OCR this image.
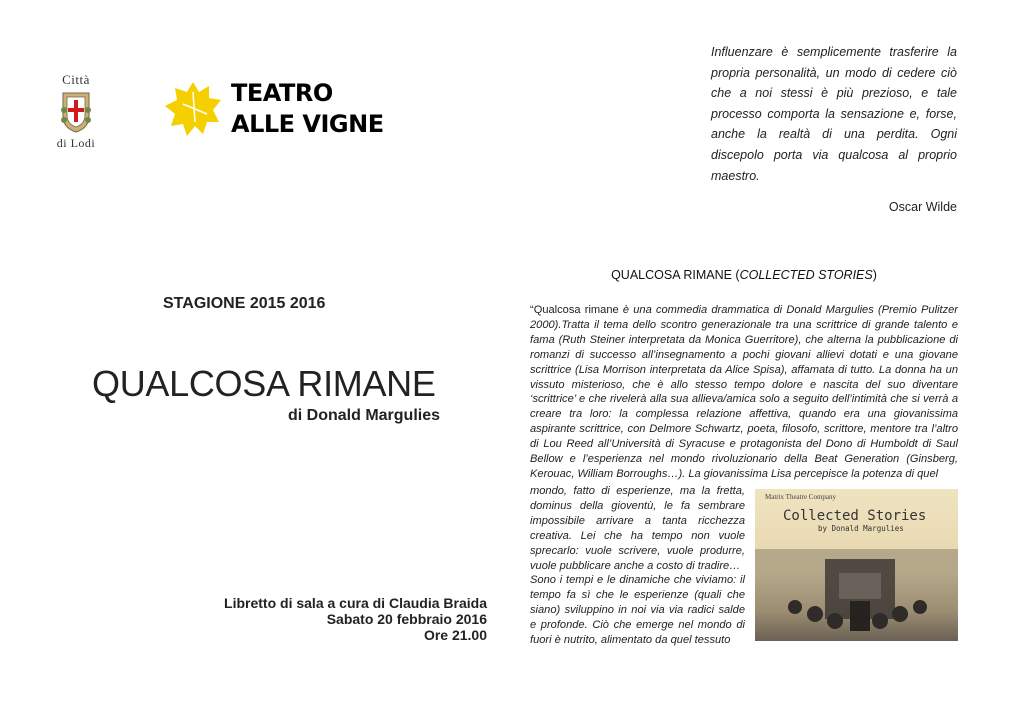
Città
di Lodi
TEATRO
ALLE VIGNE
STAGIONE 2015 2016
QUALCOSA RIMANE
di Donald Margulies
Libretto di sala a cura di Claudia Braida
Sabato 20 febbraio 2016
Ore 21.00
Influenzare è semplicemente trasferire la propria personalità, un modo di cedere ciò che a noi stessi è più prezioso, e tale processo comporta la sensazione e, forse, anche la realtà di una perdita. Ogni discepolo porta via qualcosa al proprio maestro.
Oscar Wilde
QUALCOSA RIMANE (COLLECTED STORIES)

“Qualcosa rimane è una commedia drammatica di Donald Margulies (Premio Pulitzer 2000).Tratta il tema dello scontro generazionale tra una scrittrice di grande talento e fama (Ruth Steiner interpretata da Monica Guerritore), che alterna la pubblicazione di romanzi di successo all’insegnamento a pochi giovani allievi dotati e una giovane scrittrice (Lisa Morrison interpretata da Alice Spisa), affamata di tutto. La donna ha un vissuto misterioso, che è allo stesso tempo dolore e nascita del suo diventare ‘scrittrice’ e che rivelerà alla sua allieva/amica solo a seguito dell’intimità che si verrà a creare tra loro: la complessa relazione affettiva, quando era una giovanissima aspirante scrittrice, con Delmore Schwartz, poeta, filosofo, scrittore, mentore tra l’altro di Lou Reed all’Università di Syracuse e protagonista del Dono di Humboldt di Saul Bellow e l’esperienza nel mondo rivoluzionario della Beat Generation (Ginsberg, Kerouac, William Borroughs…). La giovanissima Lisa percepisce la potenza di quel

mondo, fatto di esperienze, ma la fretta, dominus della gioventù, le fa sembrare impossibile arrivare a tanta ricchezza creativa. Lei che ha tempo non vuole sprecarlo: vuole scrivere, vuole produrre, vuole pubblicare anche a costo di tradire…

Sono i tempi e le dinamiche che viviamo: il tempo fa sì che le esperienze (quali che siano) sviluppino in noi via via radici salde e profonde. Ciò che emerge nel mondo di fuori è nutrito, alimentato da quel tessuto

Matrix Theatre Company
Collected Stories
by Donald Margulies
